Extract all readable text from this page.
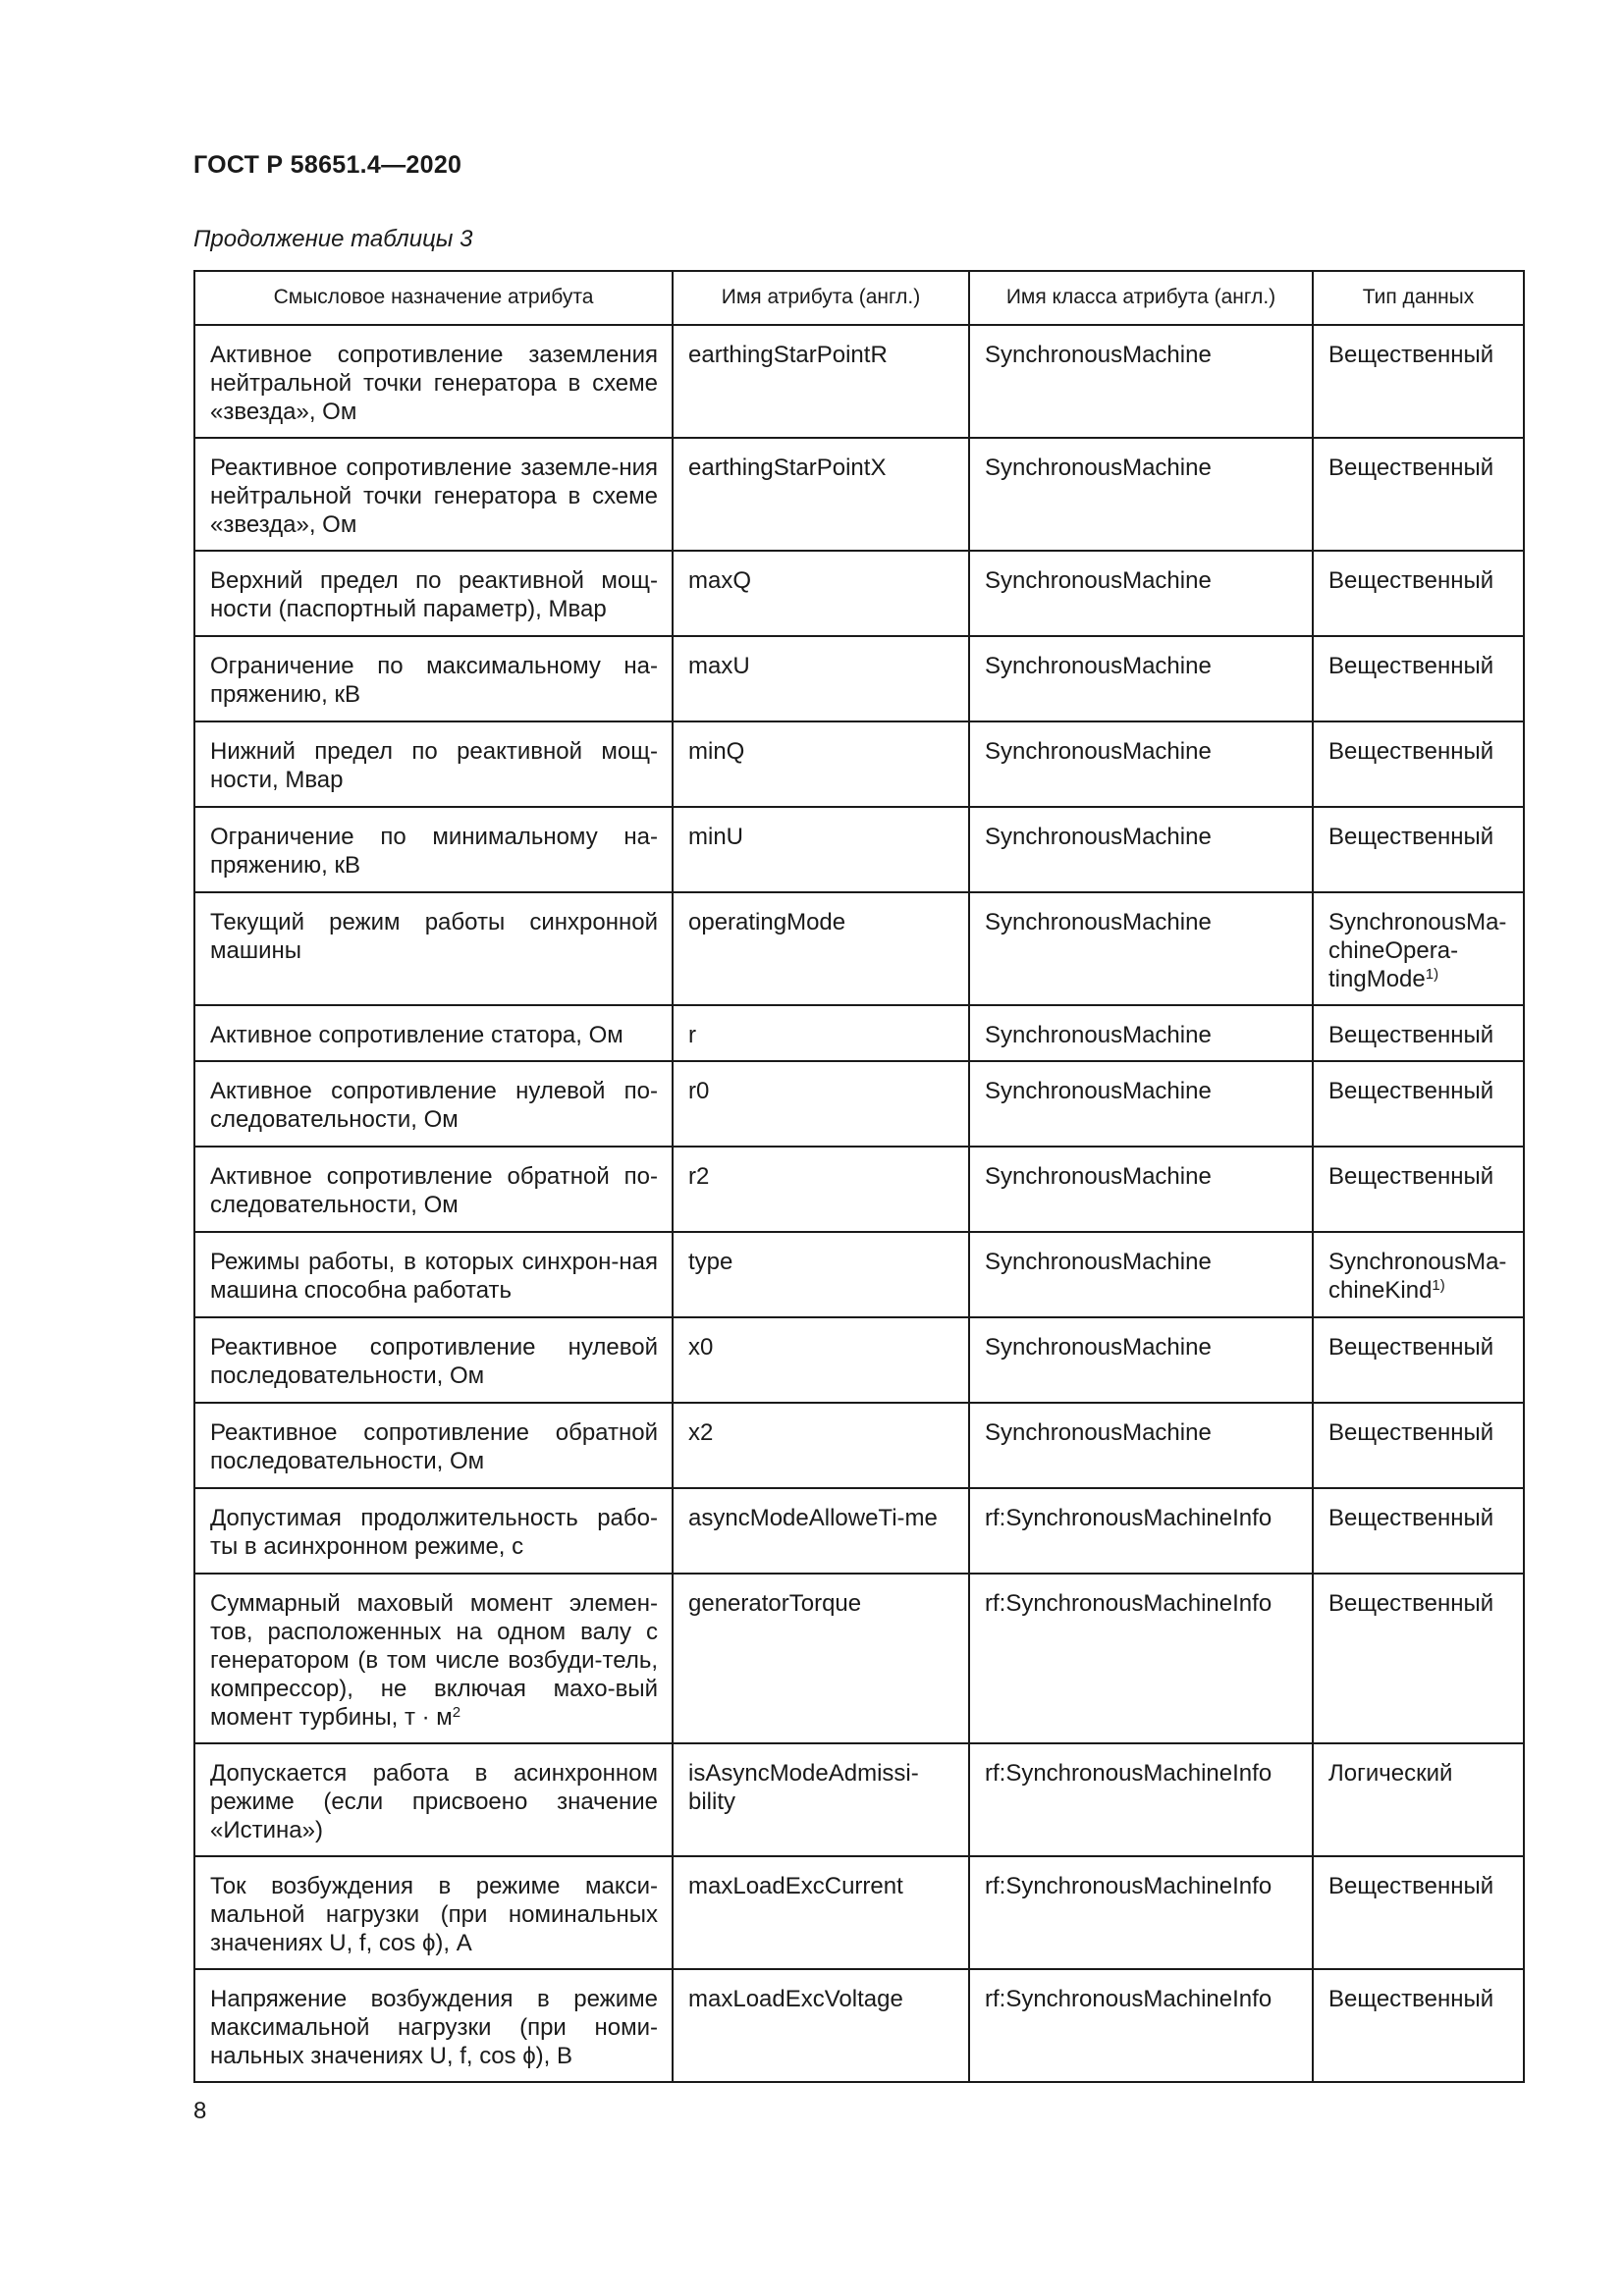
ГОСТ Р 58651.4—2020
Продолжение таблицы 3
Смысловое назначение атрибута	Имя атрибута (англ.)	Имя класса атрибута (англ.)	Тип данных
Активное сопротивление заземления нейтральной точки генератора в схеме «звезда», Ом	earthingStarPointR	SynchronousMachine	Вещественный
Реактивное сопротивление заземле-ния нейтральной точки генератора в схеме «звезда», Ом	earthingStarPointX	SynchronousMachine	Вещественный
Верхний предел по реактивной мощ-ности (паспортный параметр), Мвар	maxQ	SynchronousMachine	Вещественный
Ограничение по максимальному на-пряжению, кВ	maxU	SynchronousMachine	Вещественный
Нижний предел по реактивной мощ-ности, Мвар	minQ	SynchronousMachine	Вещественный
Ограничение по минимальному на-пряжению, кВ	minU	SynchronousMachine	Вещественный
Текущий режим работы синхронной машины	operatingMode	SynchronousMachine	SynchronousMa-chineOpera-tingMode$^{1)}$
Активное сопротивление статора, Ом	r	SynchronousMachine	Вещественный
Активное сопротивление нулевой по-следовательности, Ом	r0	SynchronousMachine	Вещественный
Активное сопротивление обратной по-следовательности, Ом	r2	SynchronousMachine	Вещественный
Режимы работы, в которых синхрон-ная машина способна работать	type	SynchronousMachine	SynchronousMa-chineKind$^{1)}$
Реактивное сопротивление нулевой последовательности, Ом	x0	SynchronousMachine	Вещественный
Реактивное сопротивление обратной последовательности, Ом	x2	SynchronousMachine	Вещественный
Допустимая продолжительность рабо-ты в асинхронном режиме, с	asyncModeAlloweTi-me	rf:SynchronousMachineInfo	Вещественный
Суммарный маховый момент элемен-тов, расположенных на одном валу с генератором (в том числе возбуди-тель, компрессор), не включая махо-вый момент турбины, $т \cdot м^2$	generatorTorque	rf:SynchronousMachineInfo	Вещественный
Допускается работа в асинхронном режиме (если присвоено значение «Истина»)	isAsyncModeAdmissi-bility	rf:SynchronousMachineInfo	Логический
Ток возбуждения в режиме макси-мальной нагрузки (при номинальных значениях U, f, cos ϕ), А	maxLoadExcCurrent	rf:SynchronousMachineInfo	Вещественный
Напряжение возбуждения в режиме максимальной нагрузки (при номи-нальных значениях U, f, cos ϕ), В	maxLoadExcVoltage	rf:SynchronousMachineInfo	Вещественный
8
